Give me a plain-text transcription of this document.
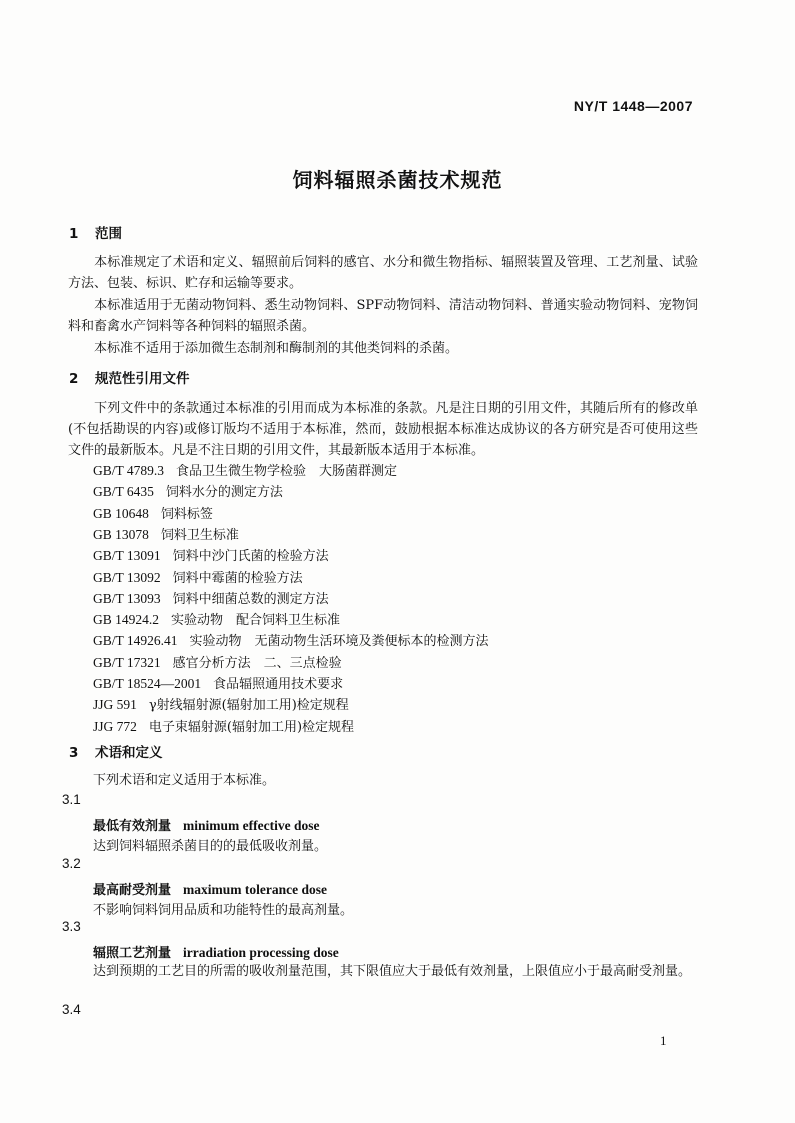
NY/T 1448—2007
饲料辐照杀菌技术规范
1 范围
本标准规定了术语和定义、辐照前后饲料的感官、水分和微生物指标、辐照装置及管理、工艺剂量、试验方法、包装、标识、贮存和运输等要求。
本标准适用于无菌动物饲料、悉生动物饲料、SPF动物饲料、清洁动物饲料、普通实验动物饲料、宠物饲料和畜禽水产饲料等各种饲料的辐照杀菌。
本标准不适用于添加微生态制剂和酶制剂的其他类饲料的杀菌。
2 规范性引用文件
下列文件中的条款通过本标准的引用而成为本标准的条款。凡是注日期的引用文件，其随后所有的修改单(不包括勘误的内容)或修订版均不适用于本标准，然而，鼓励根据本标准达成协议的各方研究是否可使用这些文件的最新版本。凡是不注日期的引用文件，其最新版本适用于本标准。
GB/T 4789.3 食品卫生微生物学检验　大肠菌群测定
GB/T 6435 饲料水分的测定方法
GB 10648 饲料标签
GB 13078 饲料卫生标准
GB/T 13091 饲料中沙门氏菌的检验方法
GB/T 13092 饲料中霉菌的检验方法
GB/T 13093 饲料中细菌总数的测定方法
GB 14924.2 实验动物　配合饲料卫生标准
GB/T 14926.41 实验动物　无菌动物生活环境及粪便标本的检测方法
GB/T 17321 感官分析方法　二、三点检验
GB/T 18524—2001 食品辐照通用技术要求
JJG 591 γ射线辐射源(辐射加工用)检定规程
JJG 772 电子束辐射源(辐射加工用)检定规程
3 术语和定义
下列术语和定义适用于本标准。
3.1
最低有效剂量 minimum effective dose
达到饲料辐照杀菌目的的最低吸收剂量。
3.2
最高耐受剂量 maximum tolerance dose
不影响饲料饲用品质和功能特性的最高剂量。
3.3
辐照工艺剂量 irradiation processing dose
达到预期的工艺目的所需的吸收剂量范围，其下限值应大于最低有效剂量，上限值应小于最高耐受剂量。
3.4
1
